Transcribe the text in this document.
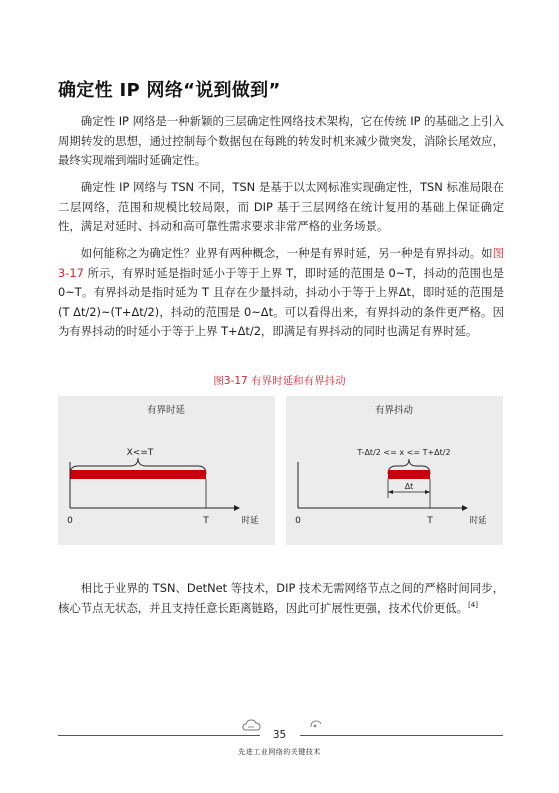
确定性 IP 网络“说到做到”
确定性 IP 网络是一种新颖的三层确定性网络技术架构，它在传统 IP 的基础之上引入周期转发的思想，通过控制每个数据包在每跳的转发时机来减少微突发，消除长尾效应，最终实现端到端时延确定性。
确定性 IP 网络与 TSN 不同，TSN 是基于以太网标准实现确定性，TSN 标准局限在二层网络，范围和规模比较局限，而 DIP 基于三层网络在统计复用的基础上保证确定性，满足对延时、抖动和高可靠性需求要求非常严格的业务场景。
如何能称之为确定性？业界有两种概念，一种是有界时延，另一种是有界抖动。如图 3-17 所示，有界时延是指时延小于等于上界 T，即时延的范围是 0~T，抖动的范围也是 0~T。有界抖动是指时延为 T 且存在少量抖动，抖动小于等于上界Δt，即时延的范围是(T Δt/2)~(T+Δt/2)，抖动的范围是 0~Δt。可以看得出来，有界抖动的条件更严格。因为有界抖动的时延小于等于上界 T+Δt/2，即满足有界抖动的同时也满足有界时延。
图3-17 有界时延和有界抖动
有界时延
X<=T
0	T	时延
有界抖动
T-Δt/2 <= x <= T+Δt/2
Δt
0	T	时延
相比于业界的 TSN、DetNet 等技术，DIP 技术无需网络节点之间的严格时间同步，核心节点无状态，并且支持任意长距离链路，因此可扩展性更强，技术代价更低。[4]
35
先进工业网络的关键技术
